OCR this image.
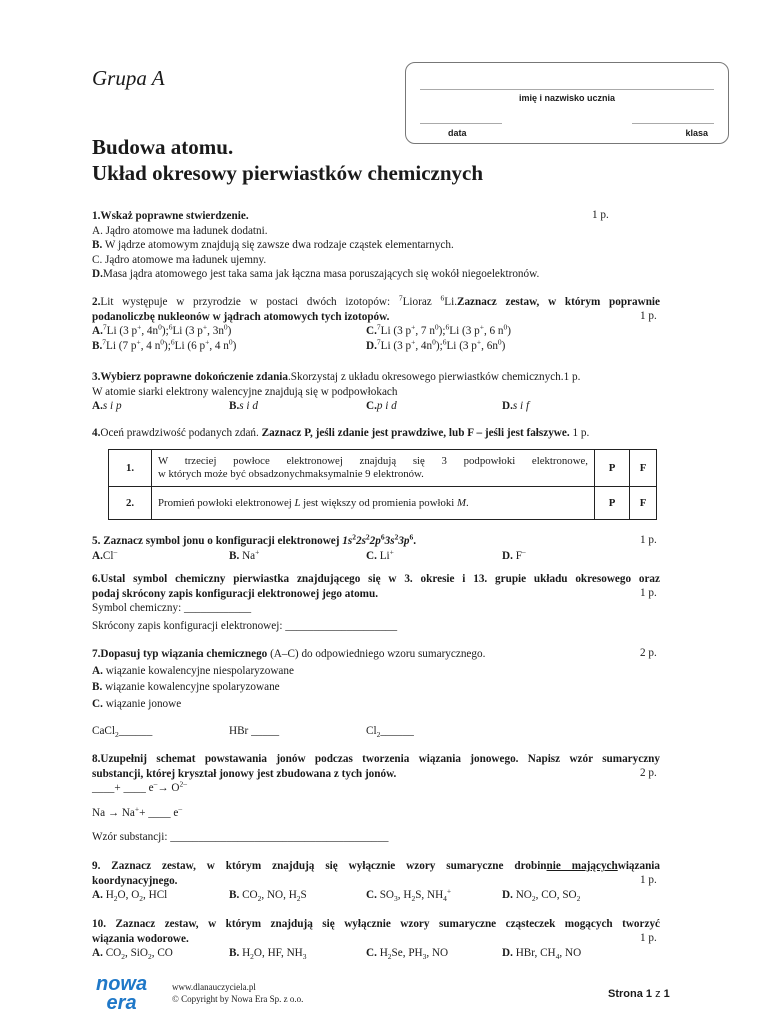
Grupa A
imię i nazwisko ucznia
data	klasa
Budowa atomu.
Układ okresowy pierwiastków chemicznych
1.Wskaż poprawne stwierdzenie.
A. Jądro atomowe ma ładunek dodatni.
B. W jądrze atomowym znajdują się zawsze dwa rodzaje cząstek elementarnych.
C. Jądro atomowe ma ładunek ujemny.
D.Masa jądra atomowego jest taka sama jak łączna masa poruszających się wokół niegoelektronów.
1 p.
2.Lit występuje w przyrodzie w postaci dwóch izotopów: $^7$Lioraz $^6$Li.Zaznacz zestaw, w którym poprawnie
podanoliczbę nukleonów w jądrach atomowych tych izotopów.
A.$^7$Li (3 p+, $4n^0);^6Li$ (3 p+, $3n^0$)	C.$^7$Li (3 p+, 7 $n^0);^6Li$ (3 p+, 6 $n^0$)
B.$^7$Li (7 p+, 4 $n^0);^6Li$ (6 p+, 4 $n^0$)	D.$^7$Li (3 p+, $4n^0);^6Li$ (3 p+, $6n^0$)
1 p.
3.Wybierz poprawne dokończenie zdania.Skorzystaj z układu okresowego pierwiastków chemicznych.1 p.
W atomie siarki elektrony walencyjne znajdują się w podpowłokach
A.s i p	B.s i d	C.p i d	D.s i f
4.Oceń prawdziwość podanych zdań. Zaznacz P, jeśli zdanie jest prawdziwe, lub F – jeśli jest fałszywe. 1 p.
1.	W trzeciej powłoce elektronowej znajdują się 3 podpowłoki elektronowe,
w których może być obsadzonychmaksymalnie 9 elektronów.	P	F
2.	Promień powłoki elektronowej L jest większy od promienia powłoki M.	P	F
5. Zaznacz symbol jonu o konfiguracji elektronowej $1s^22s^22p^63s^23p^6$.
A.Cl–	B. Na+	C. Li+	D. F–
1 p.
6.Ustal symbol chemiczny pierwiastka znajdującego się w 3. okresie i 13. grupie układu okresowego oraz
podaj skrócony zapis konfiguracji elektronowej jego atomu.
Symbol chemiczny: ____________
Skrócony zapis konfiguracji elektronowej: ____________________
1 p.
7.Dopasuj typ wiązania chemicznego (A–C) do odpowiedniego wzoru sumarycznego.
A. wiązanie kowalencyjne niespolaryzowane
B. wiązanie kowalencyjne spolaryzowane
C. wiązanie jonowe
CaCl$_2$ ______	HBr _____	$Cl_2$ ______
2 p.
8.Uzupełnij schemat powstawania jonów podczas tworzenia wiązania jonowego. Napisz wzór sumaryczny
substancji, której kryształ jonowy jest zbudowana z tych jonów.
____+ ____ $e^-\to O^{2-}$
Na → Na++ ____ e–
Wzór substancji: _______________________________________
2 p.
9. Zaznacz zestaw, w którym znajdują się wyłącznie wzory sumaryczne drobinnie mającychwiązania
koordynacyjnego.
A. $H_2O$, $O_2$, HCl	B. $CO_2$, NO, $H_2S$	C. $SO_3$, $H_2S$, $NH_4^+$	D. $NO_2$, CO, $SO_2$
1 p.
10. Zaznacz zestaw, w którym znajdują się wyłącznie wzory sumaryczne cząsteczek mogących tworzyć
wiązania wodorowe.
A. $CO_2$, SiO$_2$, CO	B. $H_2O$, HF, $NH_3$	C. $H_2Se$, $PH_3$, NO	D. HBr, $CH_4$, NO
1 p.
nowa
era
www.dlanauczyciela.pl
© Copyright by Nowa Era Sp. z o.o.	Strona 1 z 1
